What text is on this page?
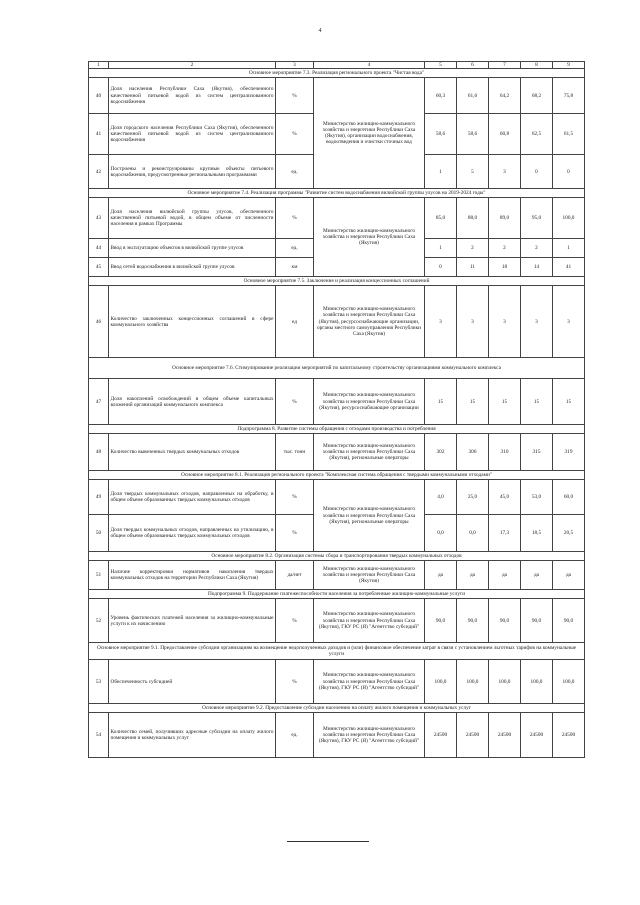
4
1	2	3	4	5	6	7	8	9
Основное мероприятие 7.3. Реализация регионального проекта "Чистая вода"								
40	Доля населения Республики Саха (Якутия), обеспеченного качественной питьевой водой из систем централизованного водоснабжения	%	Министерство жилищно-коммунального хозяйства и энергетики Республики Саха (Якутия), организации водоснабжения, водоотведения и очистки сточных вод	60,3	61,6	64,2	68,2	75,8
41	Доля городского населения Республики Саха (Якутия), обеспеченного качественной питьевой водой из систем централизованного водоснабжения	%		58,6	58,6	60,8	62,5	61,5
42	Построены и реконструированы крупные объекты питьевого водоснабжения, предусмотренные региональными программами	ед.		1	5	3	0	0
Основное мероприятие 7.4. Реализация программы "Развитие систем водоснабжения вилюйской группы улусов на 2019-2024 годы"								
43	Доля населения вилюйской группы улусов, обеспеченного качественной питьевой водой, в общем объеме от численности населения в рамках Программы	%	Министерство жилищно-коммунального хозяйства и энергетики Республики Саха (Якутия)	85,0	88,0	89,0	95,0	100,0
44	Ввод в эксплуатацию объектов в вилюйской группе улусов	ед.		1	2	2	2	1
45	Ввод сетей водоснабжения в вилюйской группе улусов	км		0	11	18	14	41
Основное мероприятие 7.5. Заключение и реализация концессионных соглашений								
46	Количество заключенных концессионных соглашений в сфере коммунального хозяйства	ед	Министерство жилищно-коммунального хозяйства и энергетики Республики Саха (Якутия), ресурсоснабжающие организации, органы местного самоуправления Республики Саха (Якутия)	3	3	3	3	3
Основное мероприятие 7.6. Стимулирование реализации мероприятий по капитальному строительству организациями коммунального комплекса								
47	Доля накоплений освобождений в общем объеме капитальных вложений организаций коммунального комплекса	%	Министерство жилищно-коммунального хозяйства и энергетики Республики Саха (Якутия), ресурсоснабжающие организации	15	15	15	15	15
Подпрограмма 8. Развитие системы обращения с отходами производства и потребления								
48	Количество вывезенных твердых коммунальных отходов	тыс. тонн	Министерство жилищно-коммунального хозяйства и энергетики Республики Саха (Якутия), региональные операторы	302	306	310	315	319
Основное мероприятие 8.1. Реализация регионального проекта "Комплексная система обращения с твердыми коммунальными отходами"								
49	Доля твердых коммунальных отходов, направленных на обработку, в общем объеме образованных твердых коммунальных отходов	%	Министерство жилищно-коммунального хозяйства и энергетики Республики Саха (Якутия), региональные операторы	4,0	25,0	45,0	53,0	60,0
50	Доля твердых коммунальных отходов, направленных на утилизацию, в общем объеме образованных твердых коммунальных отходов	%		0,0	0,0	17,3	18,5	20,5
Основное мероприятие 8.2. Организация системы сбора и транспортирования твердых коммунальных отходов								
51	Наличие корректировки нормативов накопления твердых коммунальных отходов на территории Республики Саха (Якутия)	да/нет	Министерство жилищно-коммунального хозяйства и энергетики Республики Саха (Якутия)	да	да	да	да	да
Подпрограмма 9. Поддержание платежеспособности населения за потребленные жилищно-коммунальные услуги								
52	Уровень фактических платежей населения за жилищно-коммунальные услуги к их начислению	%	Министерство жилищно-коммунального хозяйства и энергетики Республики Саха (Якутия), ГКУ РС (Я) "Агентство субсидий"	90,0	90,0	90,0	90,0	90,0
Основное мероприятие 9.1. Предоставление субсидии организациям на возмещение недополученных доходов и (или) финансовое обеспечение затрат в связи с установлением льготных тарифов на коммунальные услуги								
53	Обеспеченность субсидией	%	Министерство жилищно-коммунального хозяйства и энергетики Республики Саха (Якутия), ГКУ РС (Я) "Агентство субсидий"	100,0	100,0	100,0	100,0	100,0
Основное мероприятие 9.2. Предоставление субсидии населению на оплату жилого помещения и коммунальных услуг								
54	Количество семей, получивших адресные субсидии на оплату жилого помещения и коммунальных услуг	ед.	Министерство жилищно-коммунального хозяйства и энергетики Республики Саха (Якутия), ГКУ РС (Я) "Агентство субсидий"	24500	24500	24500	24500	24500
